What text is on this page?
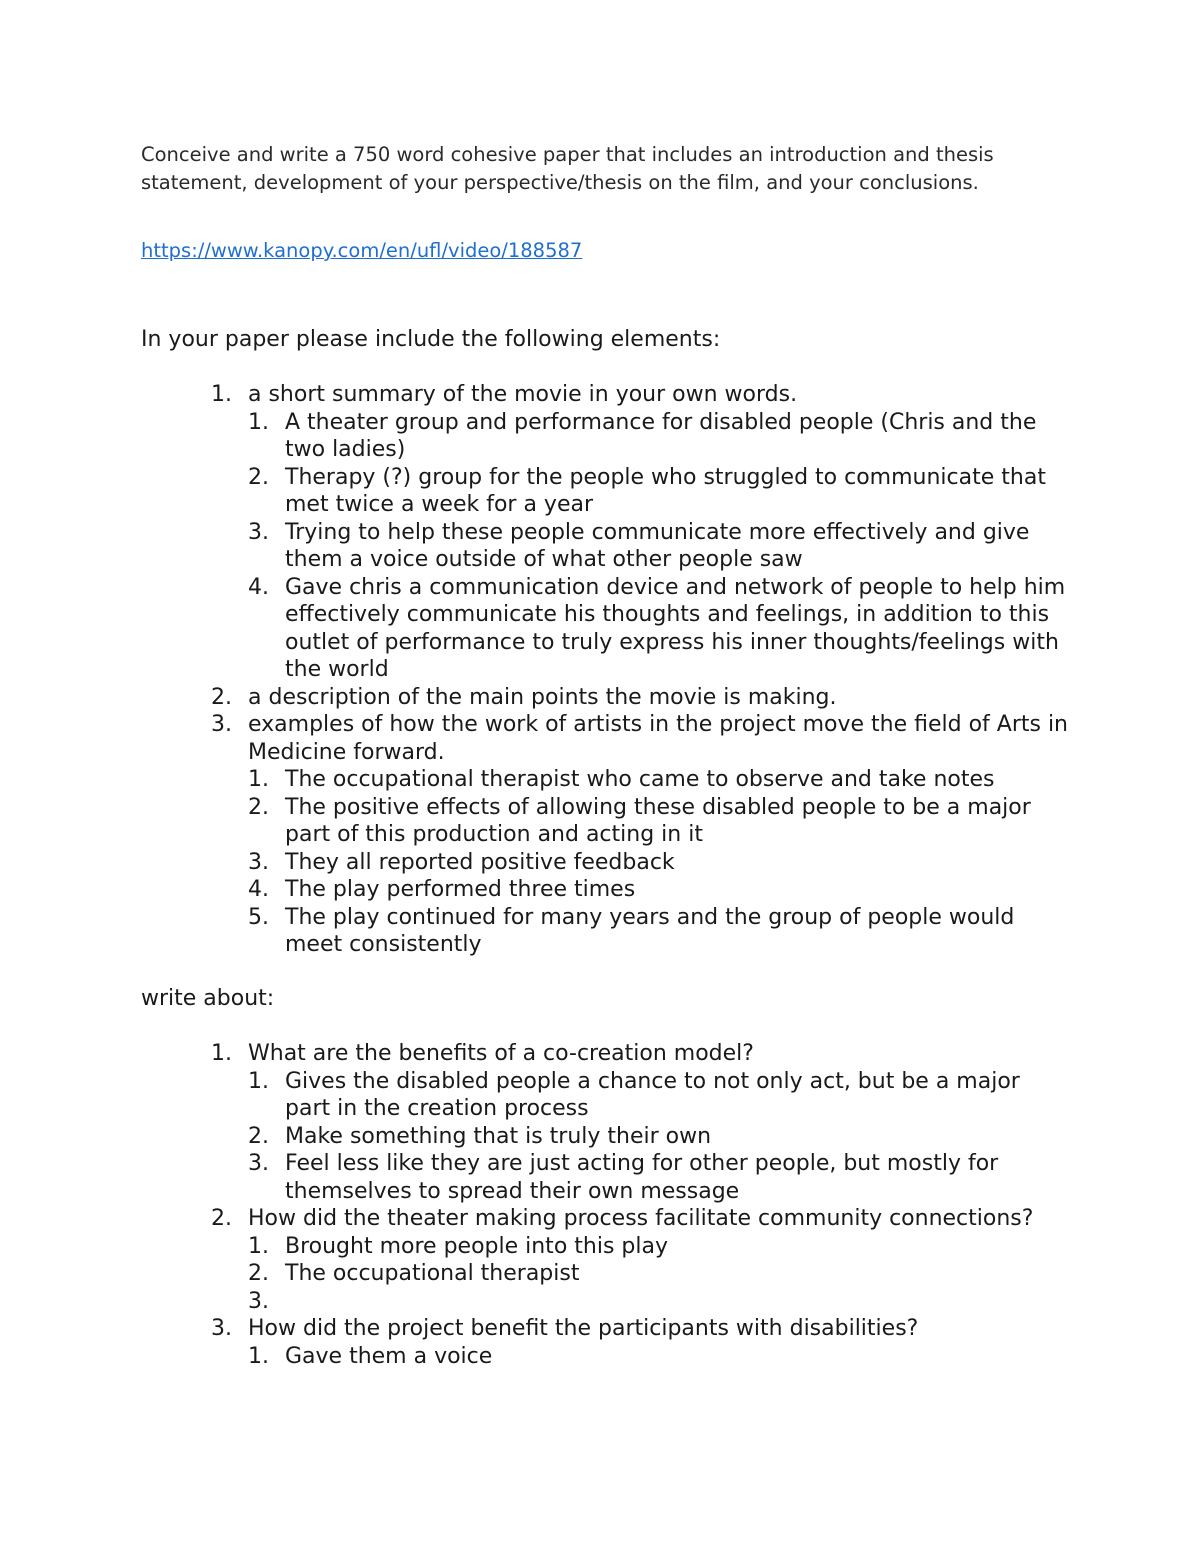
Conceive and write a 750 word cohesive paper that includes an introduction and thesis statement, development of your perspective/thesis on the film, and your conclusions.

https://www.kanopy.com/en/ufl/video/188587
In your paper please include the following elements:
1. a short summary of the movie in your own words.
1. A theater group and performance for disabled people (Chris and the two ladies)
2. Therapy (?) group for the people who struggled to communicate that met twice a week for a year
3. Trying to help these people communicate more effectively and give them a voice outside of what other people saw
4. Gave chris a communication device and network of people to help him effectively communicate his thoughts and feelings, in addition to this outlet of performance to truly express his inner thoughts/feelings with the world
2. a description of the main points the movie is making.
3. examples of how the work of artists in the project move the field of Arts in Medicine forward.
1. The occupational therapist who came to observe and take notes
2. The positive effects of allowing these disabled people to be a major part of this production and acting in it
3. They all reported positive feedback
4. The play performed three times
5. The play continued for many years and the group of people would meet consistently
write about:
1. What are the benefits of a co-creation model?
1. Gives the disabled people a chance to not only act, but be a major part in the creation process
2. Make something that is truly their own
3. Feel less like they are just acting for other people, but mostly for themselves to spread their own message
2. How did the theater making process facilitate community connections?
1. Brought more people into this play
2. The occupational therapist
3.

3. How did the project benefit the participants with disabilities?
1. Gave them a voice
